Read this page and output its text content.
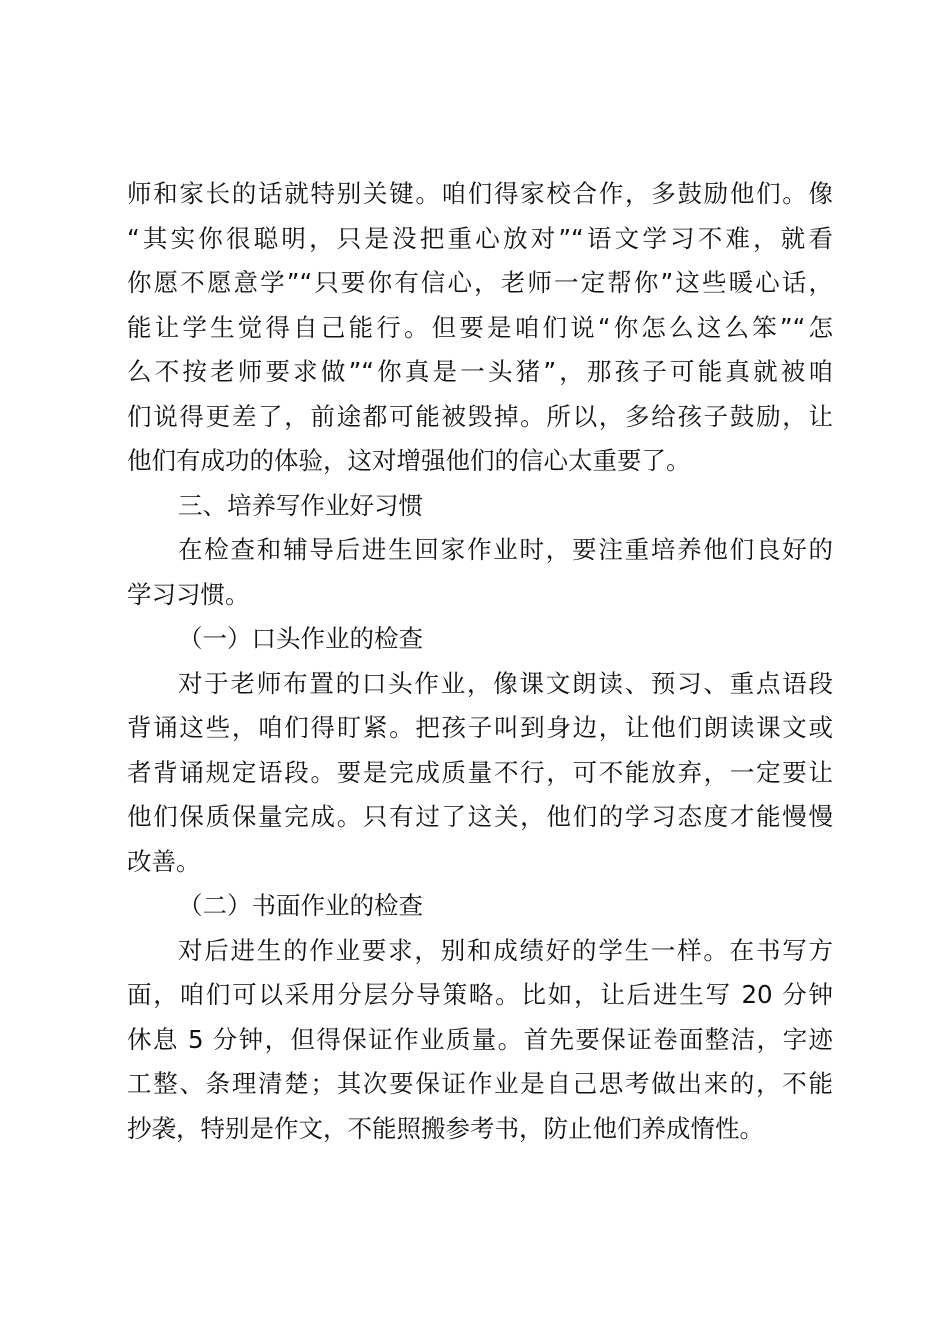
师和家长的话就特别关键。咱们得家校合作，多鼓励他们。像
“其实你很聪明，只是没把重心放对”“语文学习不难，就看
你愿不愿意学”“只要你有信心，老师一定帮你”这些暖心话，
能让学生觉得自己能行。但要是咱们说“你怎么这么笨”“怎
么不按老师要求做”“你真是一头猪”，那孩子可能真就被咱
们说得更差了，前途都可能被毁掉。所以，多给孩子鼓励，让
他们有成功的体验，这对增强他们的信心太重要了。
三、培养写作业好习惯
在检查和辅导后进生回家作业时，要注重培养他们良好的
学习习惯。
（一）口头作业的检查
对于老师布置的口头作业，像课文朗读、预习、重点语段
背诵这些，咱们得盯紧。把孩子叫到身边，让他们朗读课文或
者背诵规定语段。要是完成质量不行，可不能放弃，一定要让
他们保质保量完成。只有过了这关，他们的学习态度才能慢慢
改善。
（二）书面作业的检查
对后进生的作业要求，别和成绩好的学生一样。在书写方
面，咱们可以采用分层分导策略。比如，让后进生写 20 分钟
休息 5 分钟，但得保证作业质量。首先要保证卷面整洁，字迹
工整、条理清楚；其次要保证作业是自己思考做出来的，不能
抄袭，特别是作文，不能照搬参考书，防止他们养成惰性。
